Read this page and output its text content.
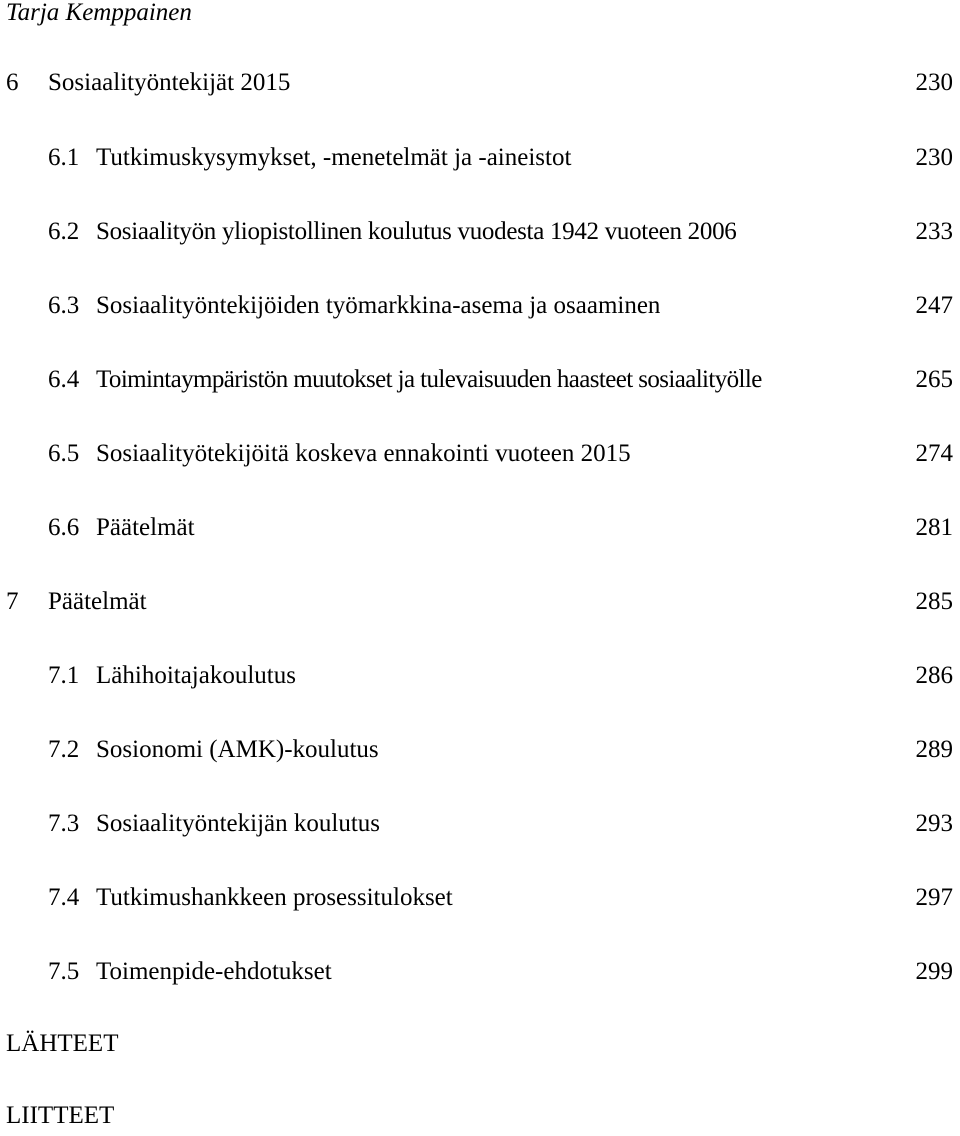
Tarja Kemppainen
6 Sosiaalityöntekijät 2015	230
6.1 Tutkimuskysymykset, -menetelmät ja -aineistot	230
6.2 Sosiaalityön yliopistollinen koulutus vuodesta 1942 vuoteen 2006	233
6.3 Sosiaalityöntekijöiden työmarkkina-asema ja osaaminen	247
6.4 Toimintaympäristön muutokset ja tulevaisuuden haasteet sosiaalityölle	265
6.5 Sosiaalityötekijöitä koskeva ennakointi vuoteen 2015	274
6.6 Päätelmät	281
7 Päätelmät	285
7.1 Lähihoitajakoulutus	286
7.2 Sosionomi (AMK)-koulutus	289
7.3 Sosiaalityöntekijän koulutus	293
7.4 Tutkimushankkeen prosessitulokset	297
7.5 Toimenpide-ehdotukset	299
LÄHTEET
LIITTEET
